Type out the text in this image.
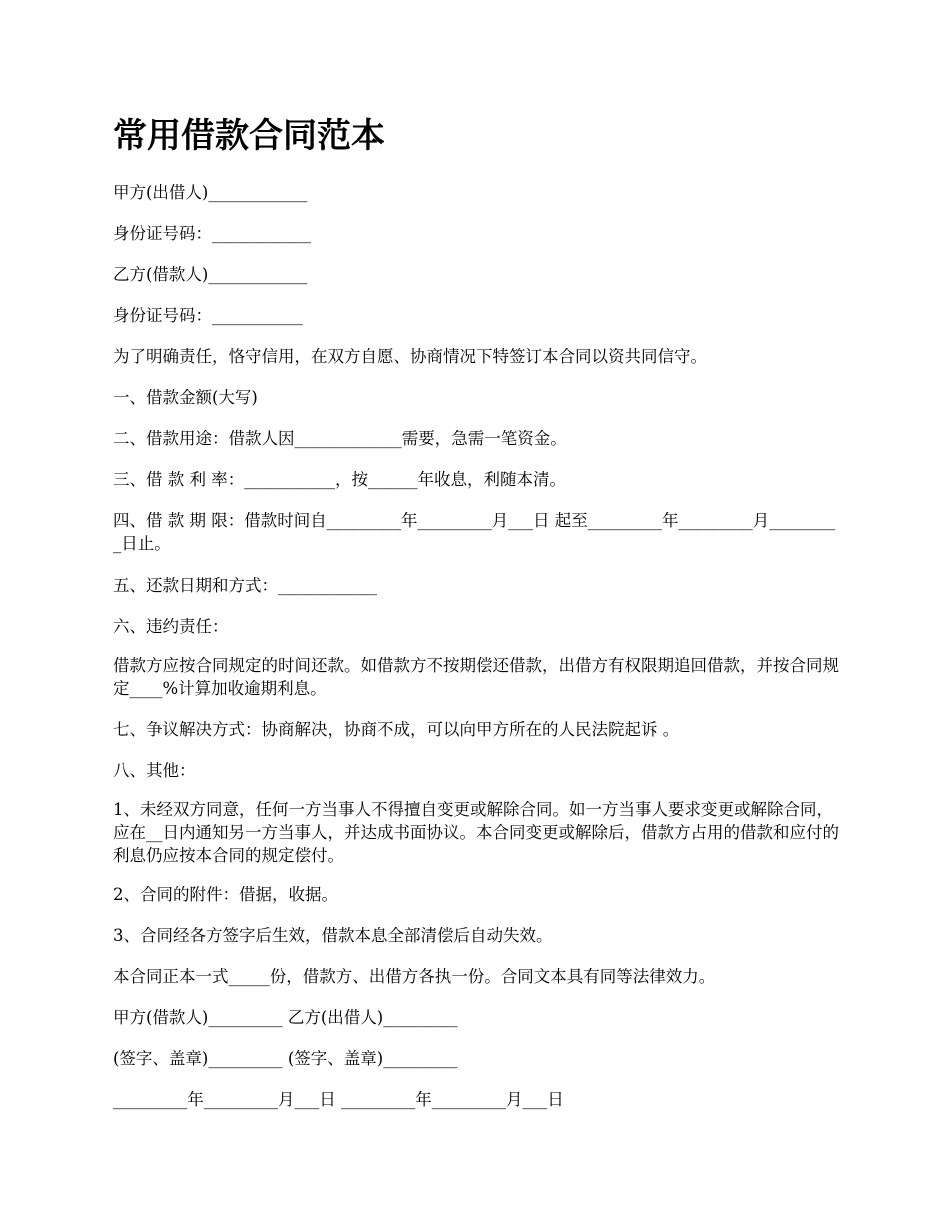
常用借款合同范本

甲方(出借人)____________

身份证号码：____________

乙方(借款人)____________

身份证号码：___________

为了明确责任，恪守信用，在双方自愿、协商情况下特签订本合同以资共同信守。

一、借款金额(大写)

二、借款用途：借款人因_____________需要，急需一笔资金。

三、借 款 利 率：___________，按______年收息，利随本清。

四、借 款 期 限：借款时间自_________年_________月___日 起至_________年_________月_________日止。

五、还款日期和方式：____________

六、违约责任：

借款方应按合同规定的时间还款。如借款方不按期偿还借款，出借方有权限期追回借款，并按合同规定____%计算加收逾期利息。

七、争议解决方式：协商解决，协商不成，可以向甲方所在的人民法院起诉 。

八、其他：

1、未经双方同意，任何一方当事人不得擅自变更或解除合同。如一方当事人要求变更或解除合同，应在__日内通知另一方当事人，并达成书面协议。本合同变更或解除后，借款方占用的借款和应付的利息仍应按本合同的规定偿付。

2、合同的附件：借据，收据。

3、合同经各方签字后生效，借款本息全部清偿后自动失效。

本合同正本一式_____份，借款方、出借方各执一份。合同文本具有同等法律效力。

甲方(借款人)_________ 乙方(出借人)_________

(签字、盖章)_________ (签字、盖章)_________

_________年_________月___日 _________年_________月___日
